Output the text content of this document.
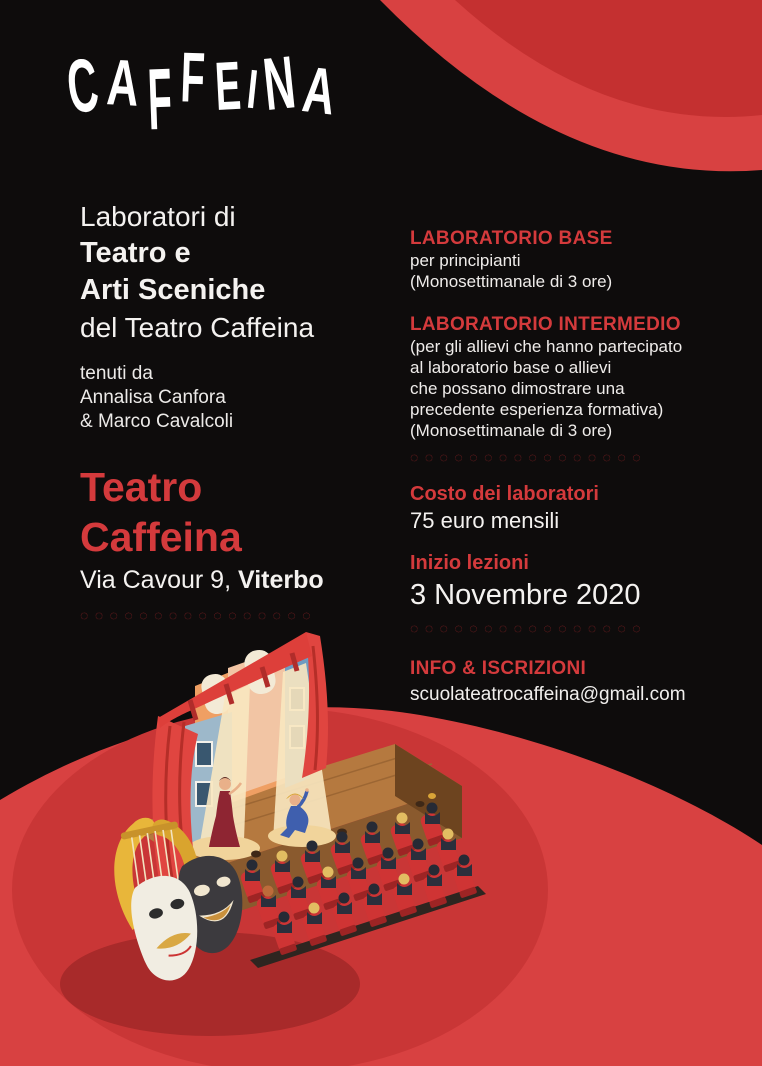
CA F F EINA
Laboratori di
Teatro e
Arti Sceniche
del Teatro Caffeina
tenuti da
Annalisa Canfora
& Marco Cavalcoli
Teatro
Caffeina
Via Cavour 9, Viterbo
◌◌◌◌◌◌◌◌◌◌◌◌◌◌◌◌
LABORATORIO BASE
per principianti
(Monosettimanale di 3 ore)
LABORATORIO INTERMEDIO
(per gli allievi che hanno partecipato
al laboratorio base o allievi
che possano dimostrare una
precedente esperienza formativa)
(Monosettimanale di 3 ore)
◌◌◌◌◌◌◌◌◌◌◌◌◌◌◌◌
Costo dei laboratori
75 euro mensili
Inizio lezioni
3 Novembre 2020
◌◌◌◌◌◌◌◌◌◌◌◌◌◌◌◌
INFO & ISCRIZIONI
scuolateatrocaffeina@gmail.com
